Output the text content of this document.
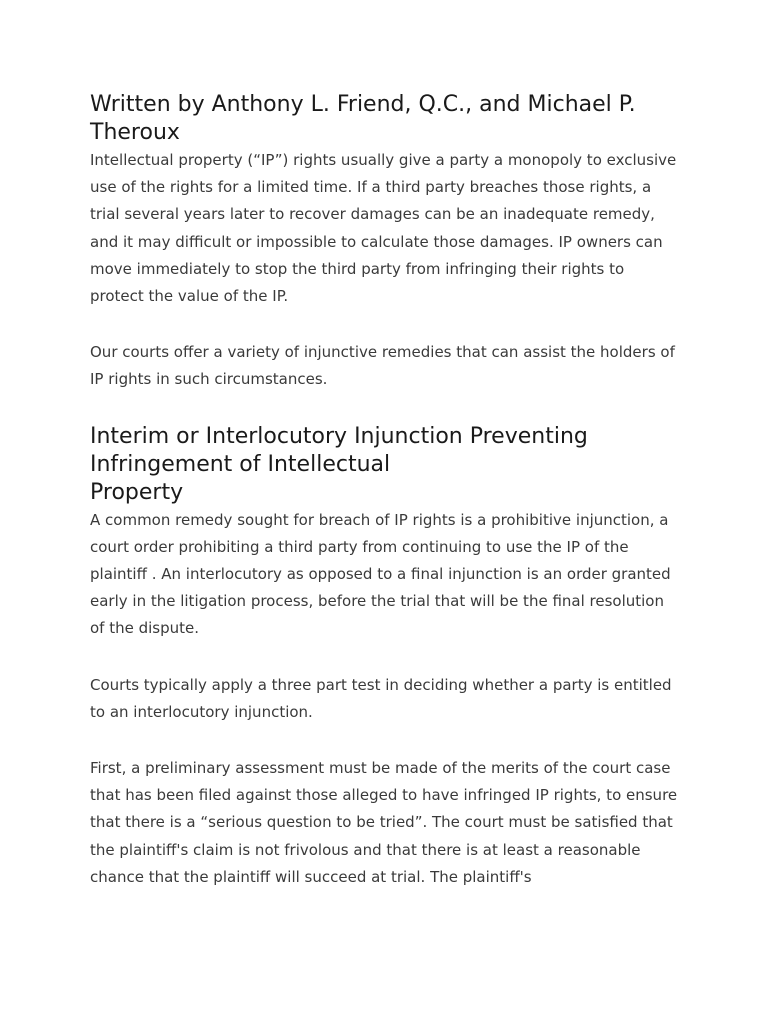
Written by Anthony L. Friend, Q.C., and Michael P. Theroux

Intellectual property (“IP”) rights usually give a party a monopoly to exclusive use of the rights for a limited time. If a third party breaches those rights, a trial several years later to recover damages can be an inadequate remedy, and it may difficult or impossible to calculate those damages. IP owners can move immediately to stop the third party from infringing their rights to protect the value of the IP.

Our courts offer a variety of injunctive remedies that can assist the holders of IP rights in such circumstances.

Interim or Interlocutory Injunction Preventing
Infringement of Intellectual
Property

A common remedy sought for breach of IP rights is a prohibitive injunction, a court order prohibiting a third party from continuing to use the IP of the plaintiff . An interlocutory as opposed to a final injunction is an order granted early in the litigation process, before the trial that will be the final resolution of the dispute.

Courts typically apply a three part test in deciding whether a party is entitled to an interlocutory injunction.

First, a preliminary assessment must be made of the merits of the court case that has been filed against those alleged to have infringed IP rights, to ensure that there is a “serious question to be tried”. The court must be satisfied that the plaintiff's claim is not frivolous and that there is at least a reasonable chance that the plaintiff will succeed at trial. The plaintiff's
